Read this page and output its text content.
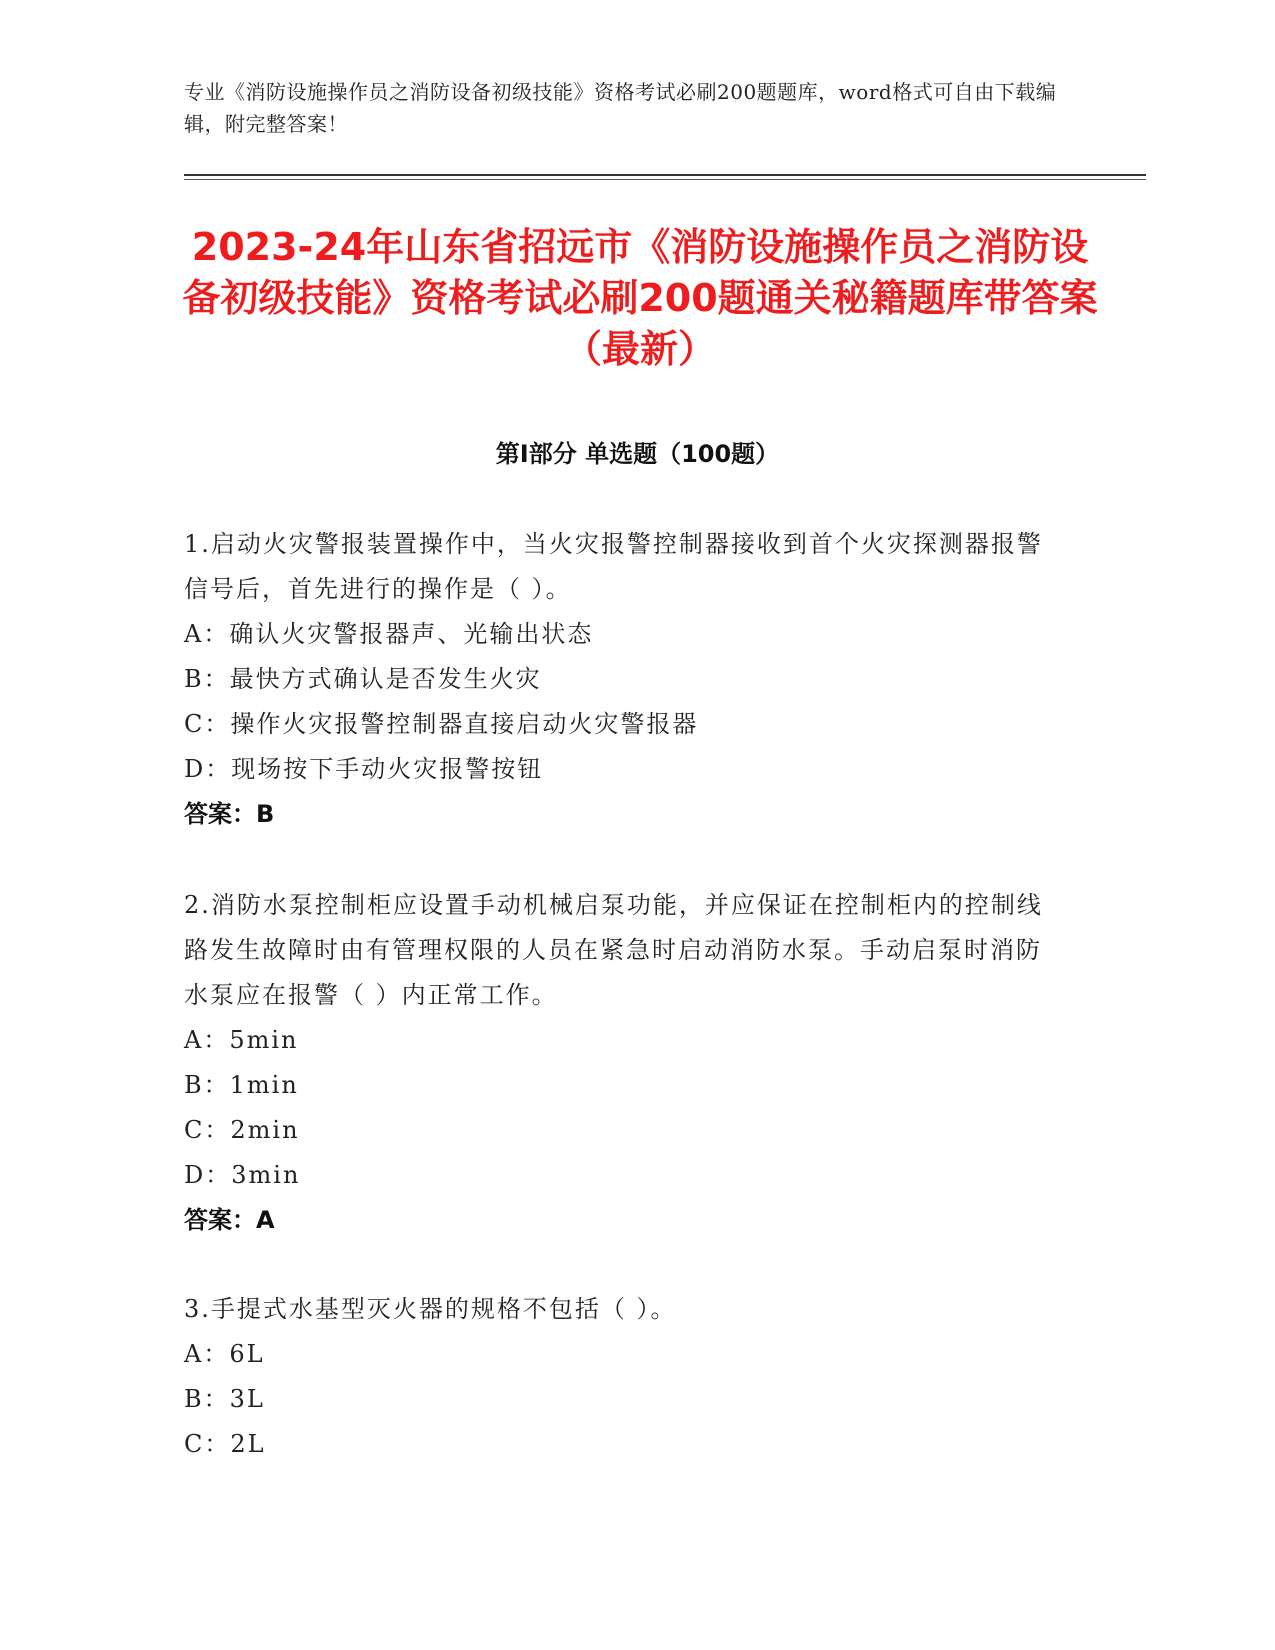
专业《消防设施操作员之消防设备初级技能》资格考试必刷200题题库，word格式可自由下载编辑，附完整答案！
2023-24年山东省招远市《消防设施操作员之消防设备初级技能》资格考试必刷200题通关秘籍题库带答案（最新）
第I部分 单选题（100题）

1.启动火灾警报装置操作中，当火灾报警控制器接收到首个火灾探测器报警信号后，首先进行的操作是（ ）。

A：确认火灾警报器声、光输出状态

B：最快方式确认是否发生火灾

C：操作火灾报警控制器直接启动火灾警报器

D：现场按下手动火灾报警按钮

答案：B

2.消防水泵控制柜应设置手动机械启泵功能，并应保证在控制柜内的控制线路发生故障时由有管理权限的人员在紧急时启动消防水泵。手动启泵时消防水泵应在报警（ ）内正常工作。

A：5min

B：1min

C：2min

D：3min

答案：A

3.手提式水基型灭火器的规格不包括（ ）。

A：6L

B：3L

C：2L
